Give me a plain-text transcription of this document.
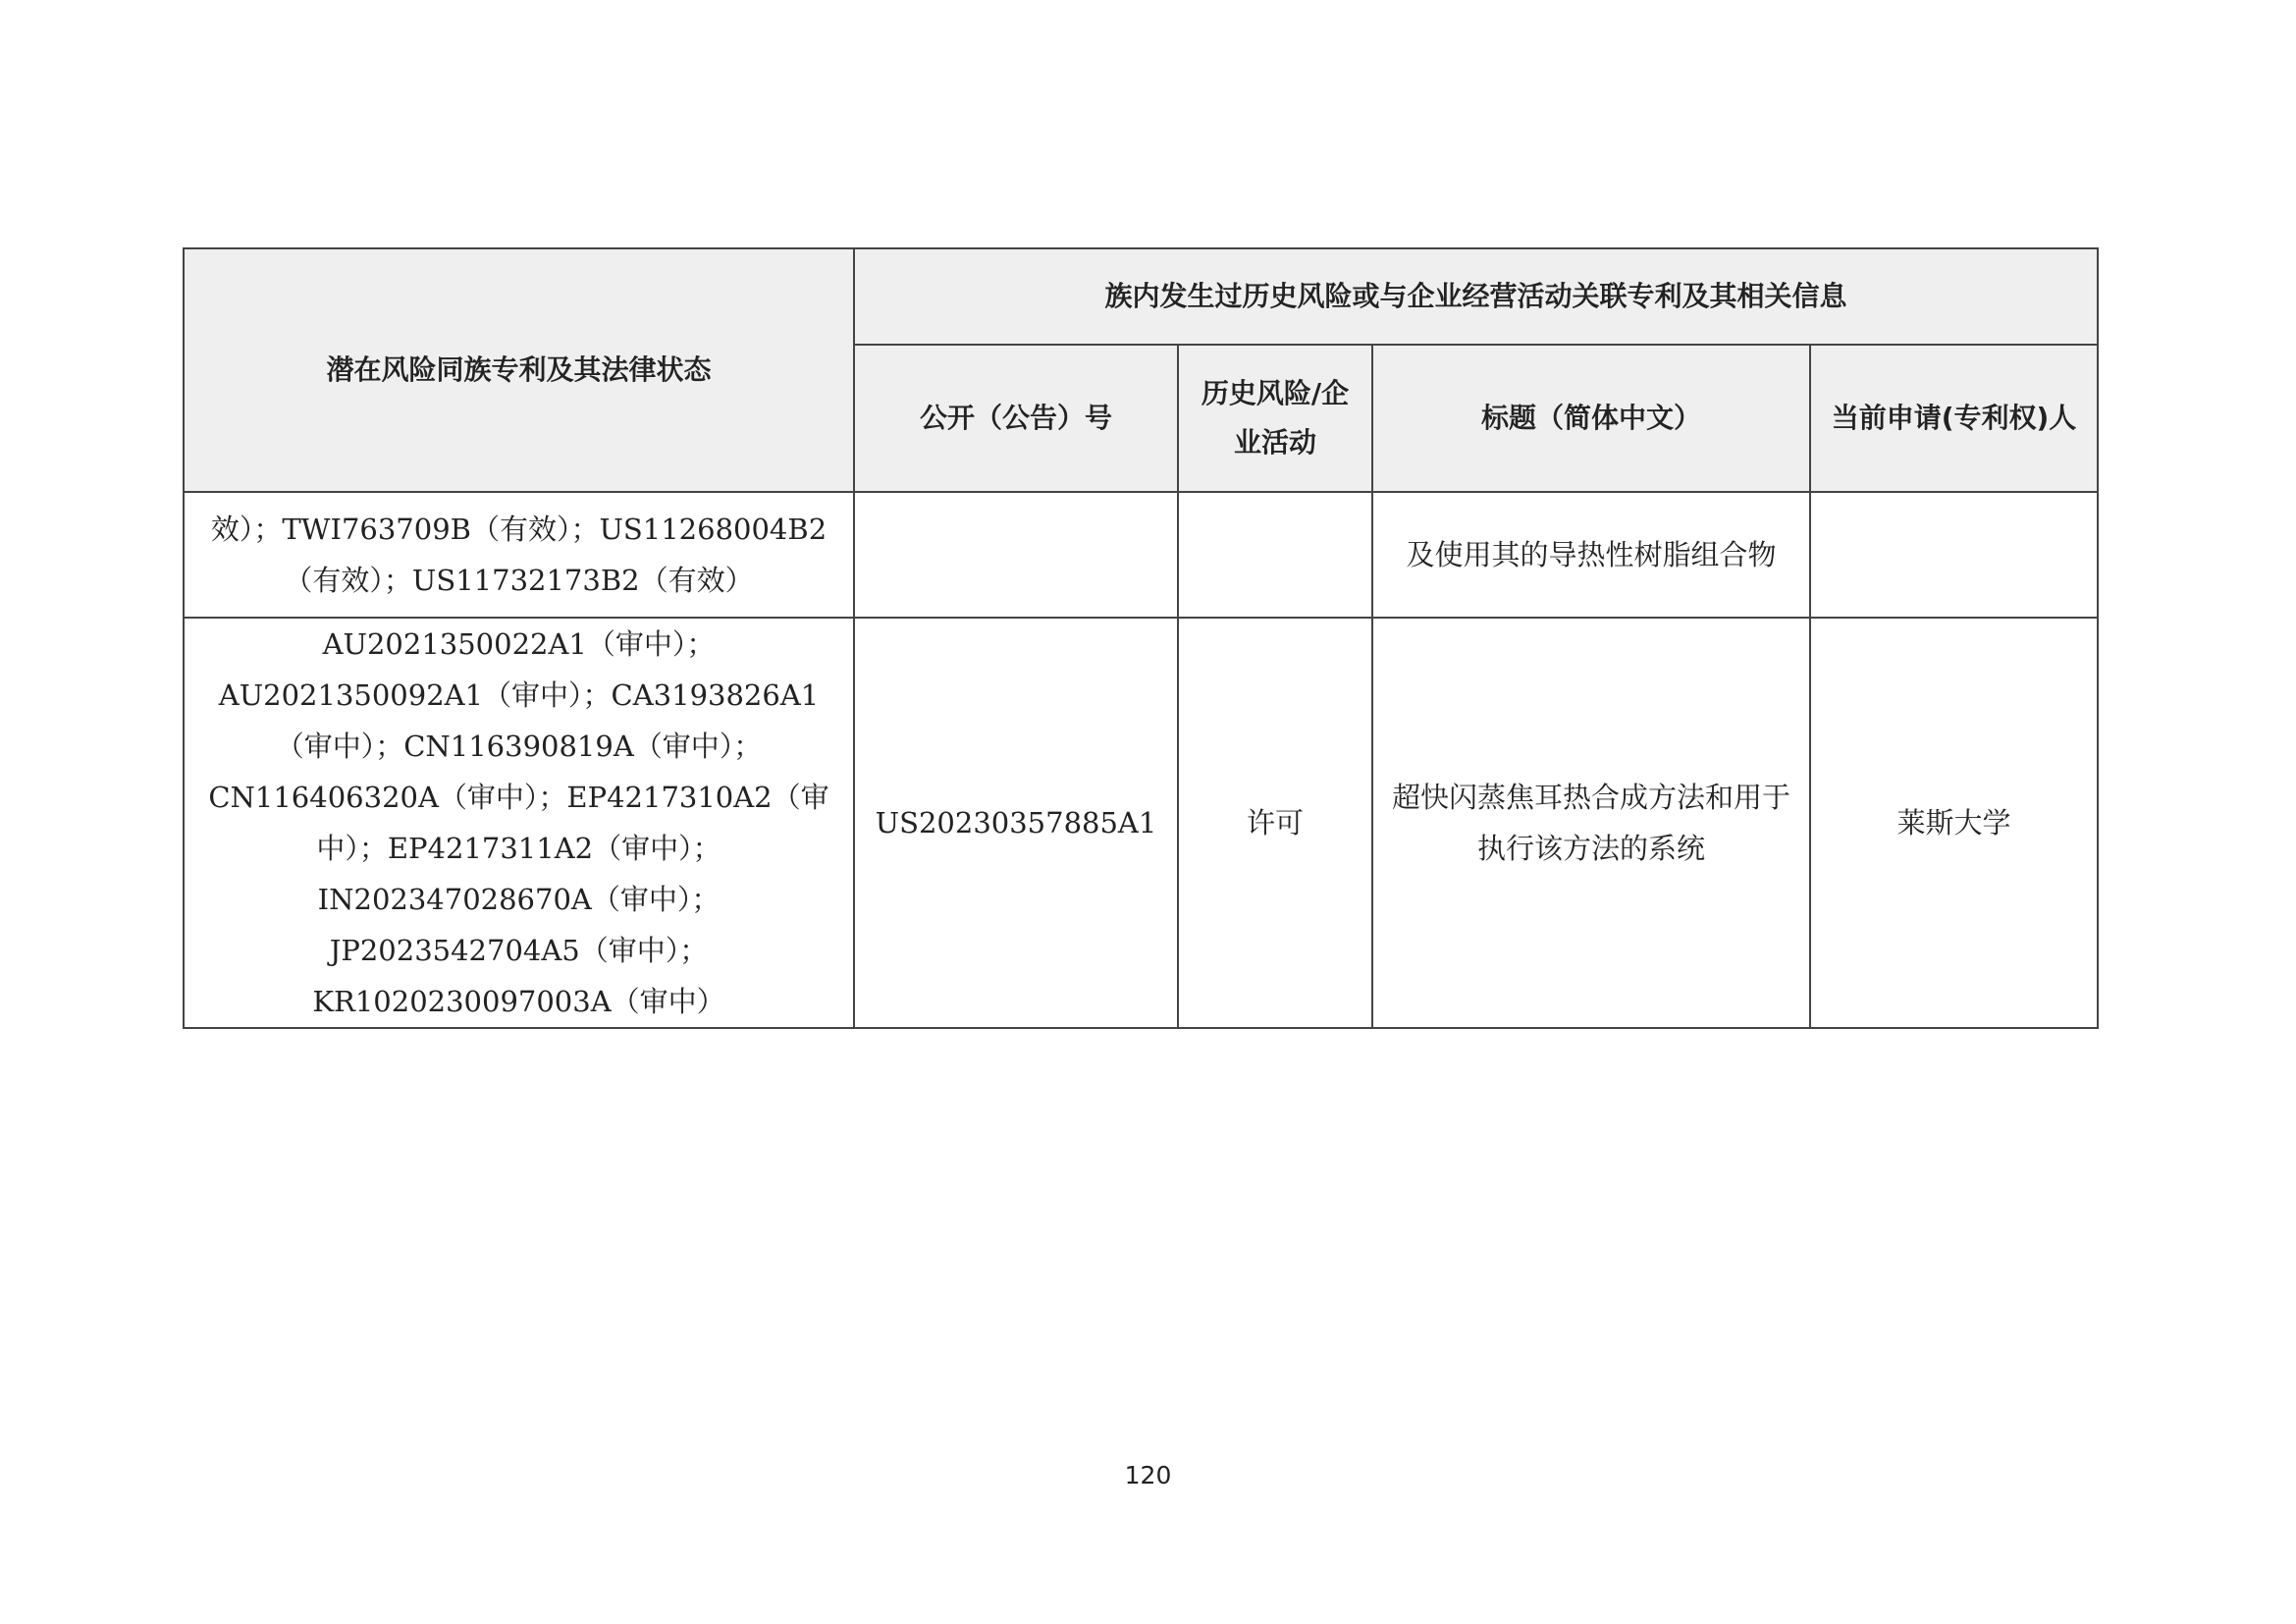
潜在风险同族专利及其法律状态	族内发生过历史风险或与企业经营活动关联专利及其相关信息			
	公开（公告）号	历史风险/企业活动	标题（简体中文）	当前申请(专利权)人
效）；TWI763709B（有效）；US11268004B2（有效）；US11732173B2（有效）			及使用其的导热性树脂组合物	
AU2021350022A1（审中）；AU2021350092A1（审中）；CA3193826A1（审中）；CN116390819A（审中）；CN116406320A（审中）；EP4217310A2（审中）；EP4217311A2（审中）；IN202347028670A（审中）；JP2023542704A5（审中）；KR1020230097003A（审中）	US20230357885A1	许可	超快闪蒸焦耳热合成方法和用于执行该方法的系统	莱斯大学
120
